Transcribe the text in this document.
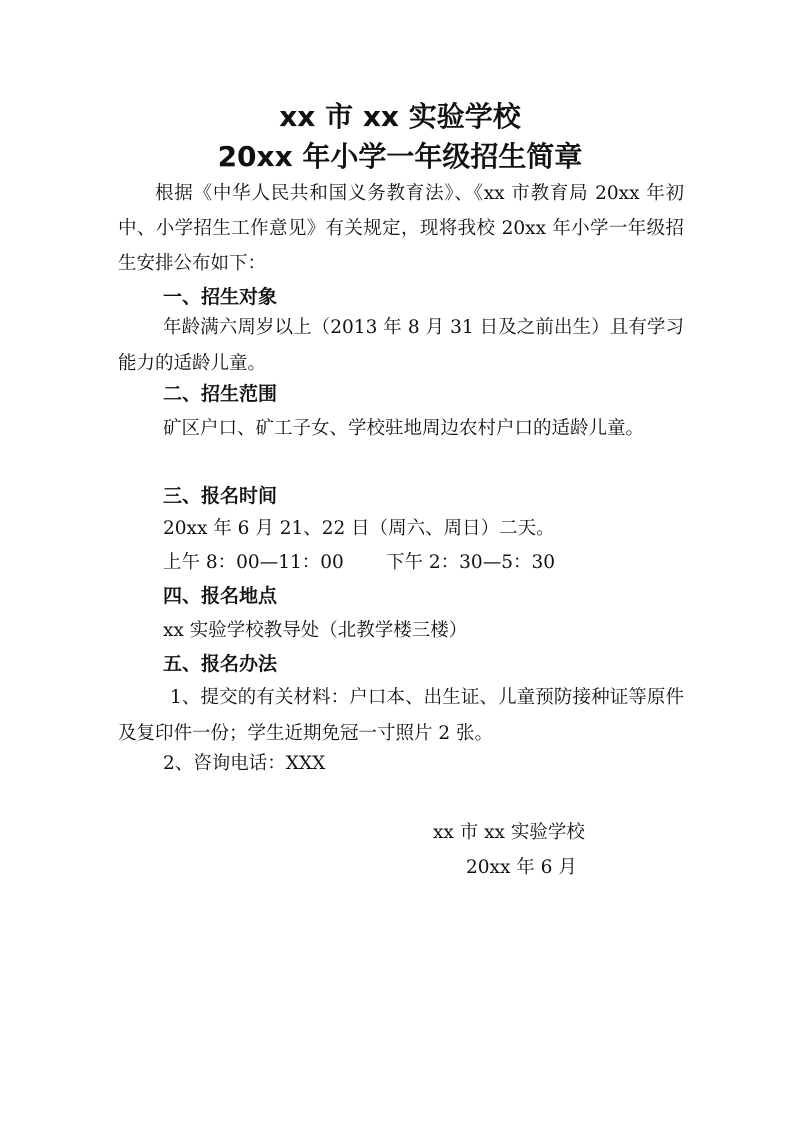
xx 市 xx 实验学校
20xx 年小学一年级招生简章

根据《中华人民共和国义务教育法》、《xx 市教育局 20xx 年初中、小学招生工作意见》有关规定，现将我校 20xx 年小学一年级招生安排公布如下：

一、招生对象

年龄满六周岁以上（2013 年 8 月 31 日及之前出生）且有学习能力的适龄儿童。

二、招生范围

矿区户口、矿工子女、学校驻地周边农村户口的适龄儿童。

三、报名时间
20xx 年 6 月 21、22 日（周六、周日）二天。
上午 8：00—11：00 下午 2：30—5：30
四、报名地点
xx 实验学校教导处（北教学楼三楼）
五、报名办法

1、提交的有关材料：户口本、出生证、儿童预防接种证等原件及复印件一份；学生近期免冠一寸照片 2 张。

2、咨询电话：XXX
xx 市 xx 实验学校
20xx 年 6 月
